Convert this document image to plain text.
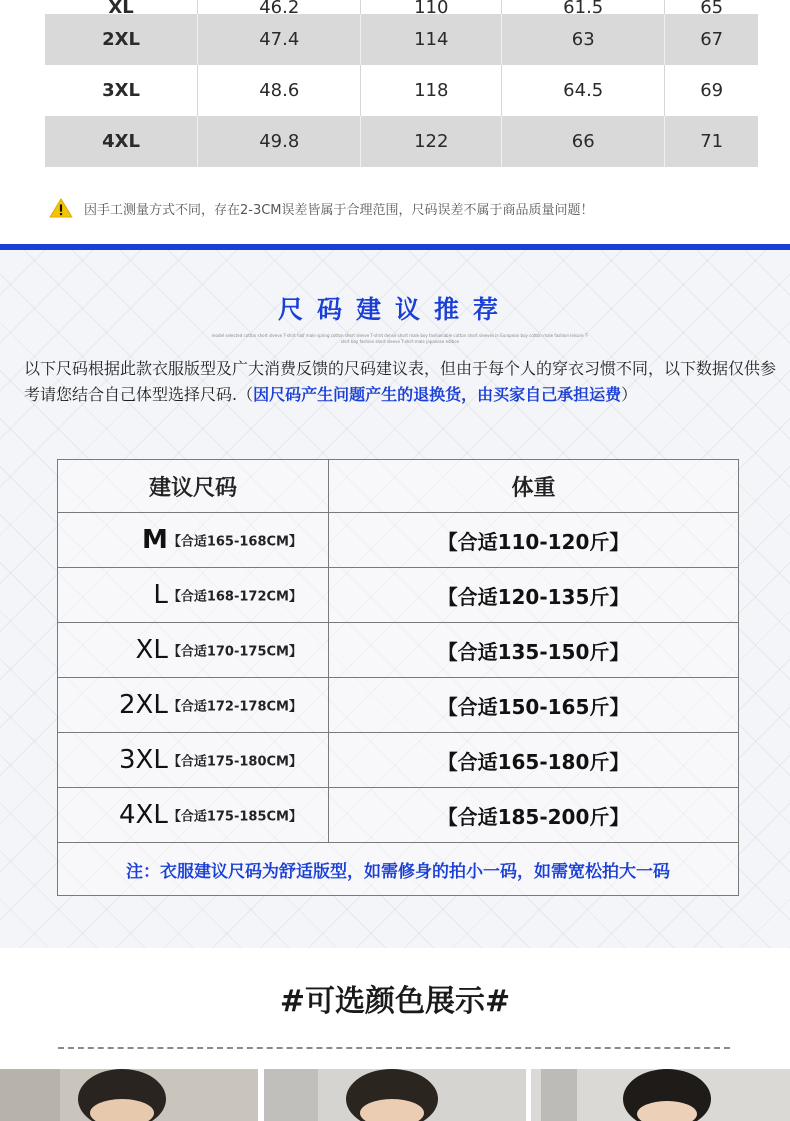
XL	46.2	110	61.5	65
2XL	47.4	114	63	67
3XL	48.6	118	64.5	69
4XL	49.8	122	66	71
因手工测量方式不同，存在2-3CM误差皆属于合理范围，尺码误差不属于商品质量问题！
尺码建议推荐
model selected cotton short sleeve T-shirt half male spring cotton short sleeve T-shirt dense short male boy fashionable cotton short sleeves in European boy cotton male fashion leisure T-shirt boy fashion short sleeve T-shirt male japanese edition
以下尺码根据此款衣服版型及广大消费反馈的尺码建议表，但由于每个人的穿衣习惯不同，以下数据仅供参考请您结合自己体型选择尺码.（因尺码产生问题产生的退换货，由买家自己承担运费）
建议尺码	体重
M【合适165-168CM】	【合适110-120斤】
L【合适168-172CM】	【合适120-135斤】
XL【合适170-175CM】	【合适135-150斤】
2XL【合适172-178CM】	【合适150-165斤】
3XL【合适175-180CM】	【合适165-180斤】
4XL【合适175-185CM】	【合适185-200斤】
注：衣服建议尺码为舒适版型，如需修身的拍小一码，如需宽松拍大一码	
#可选颜色展示#
